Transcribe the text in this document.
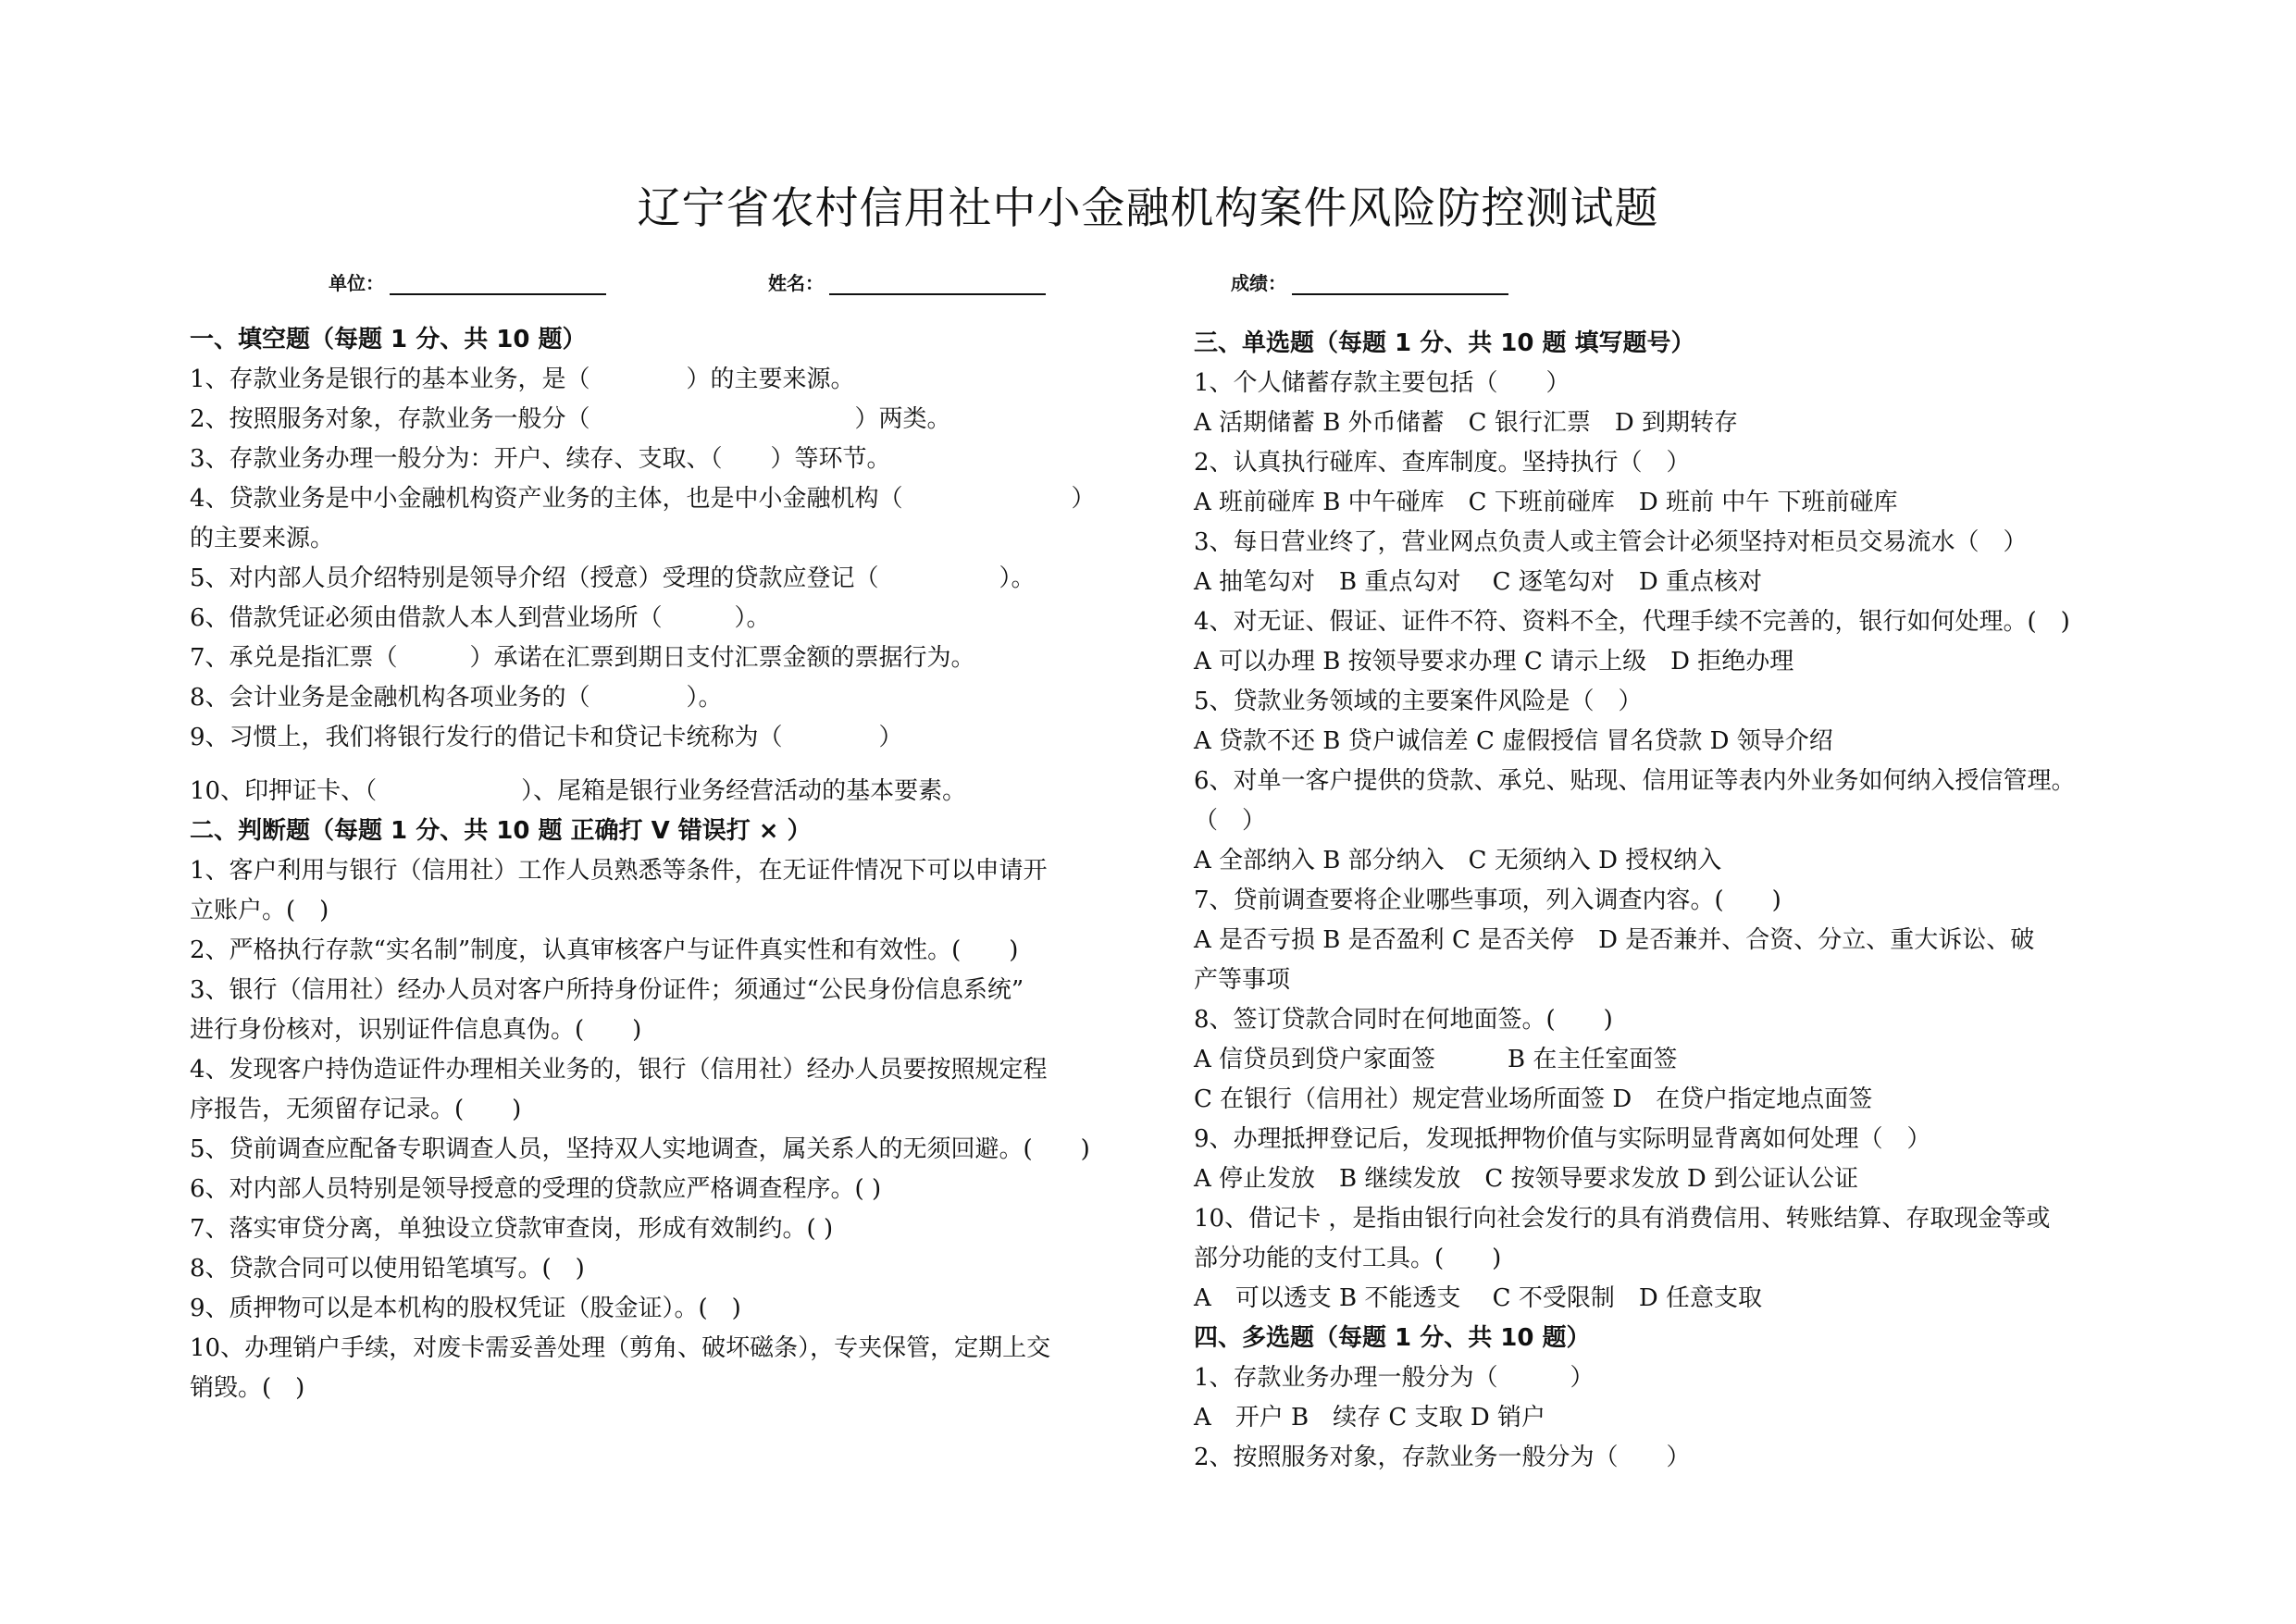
辽宁省农村信用社中小金融机构案件风险防控测试题
单位：	姓名：	成绩：
一、填空题（每题 1 分、共 10 题）
1、存款业务是银行的基本业务，是（　　　　）的主要来源。
2、按照服务对象，存款业务一般分（　　　　　　　　　　　）两类。
3、存款业务办理一般分为：开户、续存、支取、（　　）等环节。
4、贷款业务是中小金融机构资产业务的主体，也是中小金融机构（　　　　　　　）
的主要来源。
5、对内部人员介绍特别是领导介绍（授意）受理的贷款应登记（　　　　　）。
6、借款凭证必须由借款人本人到营业场所（　　　）。
7、承兑是指汇票（　　　）承诺在汇票到期日支付汇票金额的票据行为。
8、会计业务是金融机构各项业务的（　　　　）。
9、习惯上，我们将银行发行的借记卡和贷记卡统称为（　　　　）
10、印押证卡、（　　　　　　）、尾箱是银行业务经营活动的基本要素。
二、判断题（每题 1 分、共 10 题 正确打 V 错误打 × ）
1、客户利用与银行（信用社）工作人员熟悉等条件，在无证件情况下可以申请开
立账户。(　)
2、严格执行存款“实名制”制度，认真审核客户与证件真实性和有效性。(　　)
3、银行（信用社）经办人员对客户所持身份证件；须通过“公民身份信息系统”
进行身份核对，识别证件信息真伪。(　　)
4、发现客户持伪造证件办理相关业务的，银行（信用社）经办人员要按照规定程
序报告，无须留存记录。(　　)
5、贷前调查应配备专职调查人员，坚持双人实地调查，属关系人的无须回避。(　　)
6、对内部人员特别是领导授意的受理的贷款应严格调查程序。( )
7、落实审贷分离，单独设立贷款审查岗，形成有效制约。( )
8、贷款合同可以使用铅笔填写。(　)
9、质押物可以是本机构的股权凭证（股金证）。(　)
10、办理销户手续，对废卡需妥善处理（剪角、破坏磁条），专夹保管，定期上交
销毁。(　)
三、单选题（每题 1 分、共 10 题 填写题号）
1、个人储蓄存款主要包括（　　）
A 活期储蓄 B 外币储蓄　C 银行汇票　D 到期转存
2、认真执行碰库、查库制度。坚持执行（　）
A 班前碰库 B 中午碰库　C 下班前碰库　D 班前 中午 下班前碰库
3、每日营业终了，营业网点负责人或主管会计必须坚持对柜员交易流水（　）
A 抽笔勾对　B 重点勾对　 C 逐笔勾对　D 重点核对
4、对无证、假证、证件不符、资料不全，代理手续不完善的，银行如何处理。(　)
A 可以办理 B 按领导要求办理 C 请示上级　D 拒绝办理
5、贷款业务领域的主要案件风险是（　）
A 贷款不还 B 贷户诚信差 C 虚假授信 冒名贷款 D 领导介绍
6、对单一客户提供的贷款、承兑、贴现、信用证等表内外业务如何纳入授信管理。
（　）
A 全部纳入 B 部分纳入　C 无须纳入 D 授权纳入
7、贷前调查要将企业哪些事项，列入调查内容。(　　)
A 是否亏损 B 是否盈利 C 是否关停　D 是否兼并、合资、分立、重大诉讼、破
产等事项
8、签订贷款合同时在何地面签。(　　)
A 信贷员到贷户家面签　　　B 在主任室面签
C 在银行（信用社）规定营业场所面签 D　在贷户指定地点面签
9、办理抵押登记后，发现抵押物价值与实际明显背离如何处理（　）
A 停止发放　B 继续发放　C 按领导要求发放 D 到公证认公证
10、借记卡 ，是指由银行向社会发行的具有消费信用、转账结算、存取现金等或
部分功能的支付工具。(　　)
A　可以透支 B 不能透支　 C 不受限制　D 任意支取
四、多选题（每题 1 分、共 10 题）
1、存款业务办理一般分为（　　　）
A　开户 B　续存 C 支取 D 销户
2、按照服务对象，存款业务一般分为（　　）
